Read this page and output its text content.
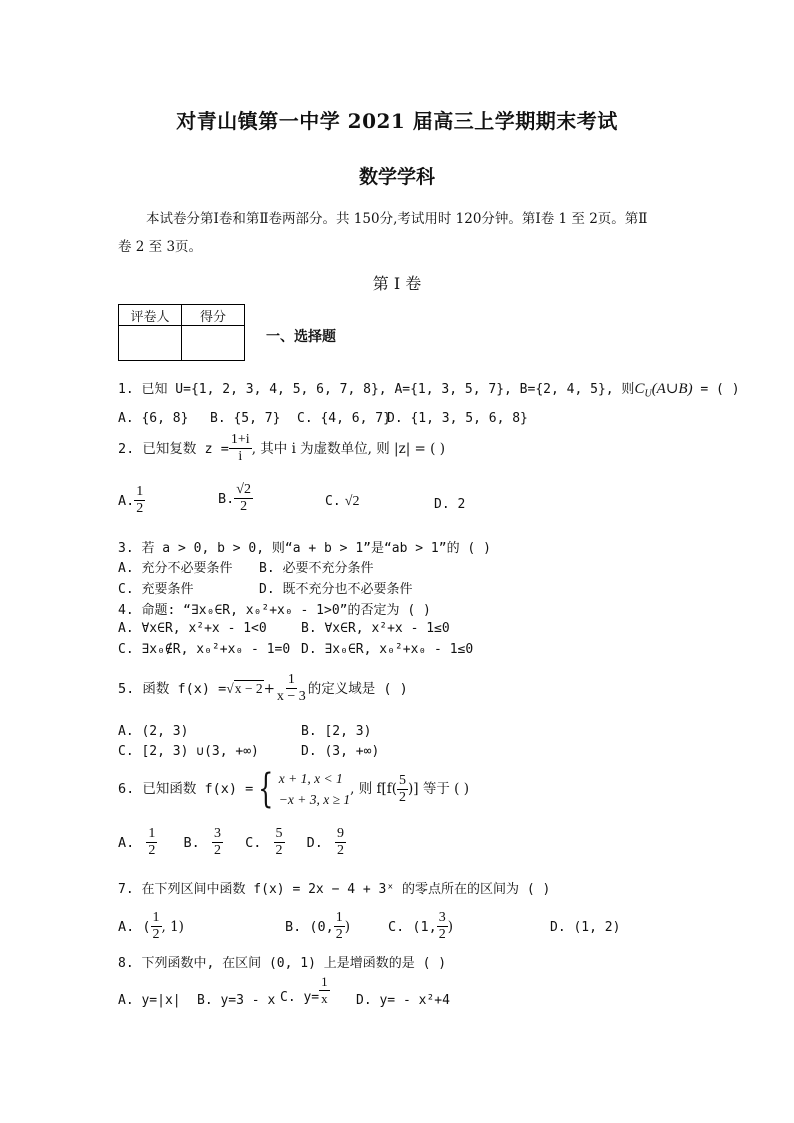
对青山镇第一中学 2021 届高三上学期期末考试
数学学科
本试卷分第Ⅰ卷和第Ⅱ卷两部分。共 150分,考试用时 120分钟。第Ⅰ卷 1 至 2页。第Ⅱ
卷 2 至 3页。
第 Ⅰ 卷
评卷人	得分

一、选择题
1. 已知 U={1, 2, 3, 4, 5, 6, 7, 8}, A={1, 3, 5, 7}, B={2, 4, 5}, 则$C_U(A\cup B)$ = ( )
A. {6, 8} B. {5, 7} C. {4, 6, 7}
D. {1, 3, 5, 6, 8}
2. 已知复数 $z = \frac{1+i}{i}$ , 其中 i 为虚数单位, 则 |z| = ( )
A. $\frac{1}{2}$	B. $\frac{√2}{2}$	C. √2	D. 2
3. 若 a > 0, b > 0, 则“a + b > 1”是“ab > 1”的 ( )
A. 充分不必要条件 B. 必要不充分条件
C. 充要条件	D. 既不充分也不必要条件
4. 命题: “∃x₀∈R, x₀²+x₀ - 1>0”的否定为 ( )
A. ∀x∈R, x²+x - 1<0	B. ∀x∈R, x²+x - 1≤0
C. ∃x₀∉R, x₀²+x₀ - 1=0 D. ∃x₀∈R, x₀²+x₀ - 1≤0
5. 函数 $f(x) =√x - 2+ \frac{1}{x - 3}$ 的定义域是 ( )
A. (2, 3)	B. [2, 3)
C. [2, 3) ∪(3, +∞)	D. (3, +∞)
6. 已知函数 f(x) ={ x + 1, x < 1
−x + 3, x ≥ 1
, 则 $f[f( \frac{5}{2}$ )] 等于 ( )
A. $\frac{1}{2} B$. $\frac{3}{2} C$. $\frac{5}{2} D$. $\frac{9}{2}$
7. 在下列区间中函数 f(x) = 2x − 4 + 3ˣ 的零点所在的区间为 ( )
A. ( $\frac{1}{2}$ , 1)	B. (0, $\frac{1}{2}$ )	C. (1, $\frac{3}{2}$ )	D. (1, 2)
8. 下列函数中, 在区间 (0, 1) 上是增函数的是 ( )
A. y=|x| B. y=3 - x C. $y= \frac{1}{x} D$. y= - x²+4
